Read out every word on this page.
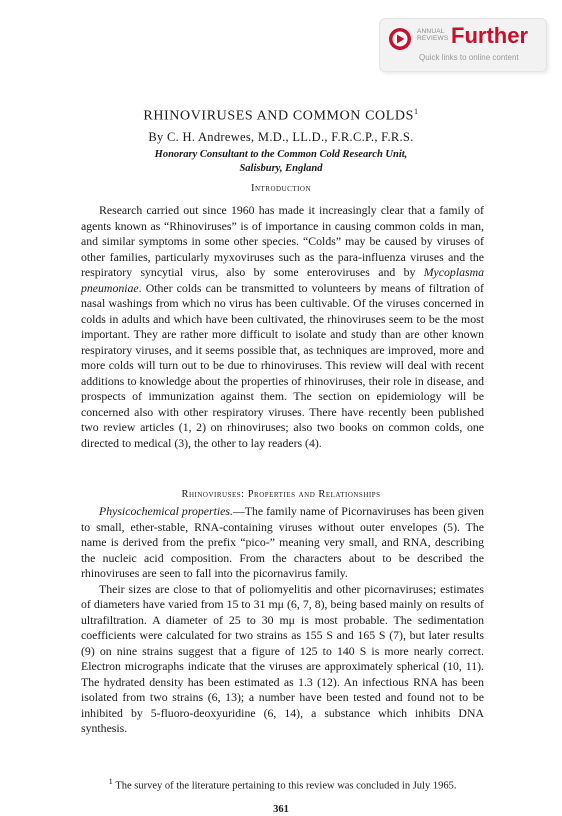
ANNUAL
REVIEWS Further
Quick links to online content
RHINOVIRUSES AND COMMON COLDS$^1$
By C. H. Andrewes, M.D., LL.D., F.R.C.P., F.R.S.
Honorary Consultant to the Common Cold Research Unit,
Salisbury, England
Introduction

Research carried out since 1960 has made it increasingly clear that a family of agents known as “Rhinoviruses” is of importance in causing common colds in man, and similar symptoms in some other species. “Colds” may be caused by viruses of other families, particularly myxoviruses such as the para-influenza viruses and the respiratory syncytial virus, also by some enteroviruses and by Mycoplasma pneumoniae. Other colds can be transmitted to volunteers by means of filtration of nasal washings from which no virus has been cultivable. Of the viruses concerned in colds in adults and which have been cultivated, the rhinoviruses seem to be the most important. They are rather more difficult to isolate and study than are other known respiratory viruses, and it seems possible that, as techniques are improved, more and more colds will turn out to be due to rhinoviruses. This review will deal with recent additions to knowledge about the properties of rhinoviruses, their role in disease, and prospects of immunization against them. The section on epidemiology will be concerned also with other respiratory viruses. There have recently been published two review articles (1, 2) on rhinoviruses; also two books on common colds, one directed to medical (3), the other to lay readers (4).

Rhinoviruses: Properties and Relationships

Physicochemical properties.—The family name of Picornaviruses has been given to small, ether-stable, RNA-containing viruses without outer envelopes (5). The name is derived from the prefix “pico-” meaning very small, and RNA, describing the nucleic acid composition. From the characters about to be described the rhinoviruses are seen to fall into the picornavirus family.

Their sizes are close to that of poliomyelitis and other picornaviruses; estimates of diameters have varied from 15 to 31 mμ (6, 7, 8), being based mainly on results of ultrafiltration. A diameter of 25 to 30 mμ is most probable. The sedimentation coefficients were calculated for two strains as 155 S and 165 S (7), but later results (9) on nine strains suggest that a figure of 125 to 140 S is more nearly correct. Electron micrographs indicate that the viruses are approximately spherical (10, 11). The hydrated density has been estimated as 1.3 (12). An infectious RNA has been isolated from two strains (6, 13); a number have been tested and found not to be inhibited by 5-fluoro-deoxyuridine (6, 14), a substance which inhibits DNA synthesis.

$^1$ The survey of the literature pertaining to this review was concluded in July 1965.
361
